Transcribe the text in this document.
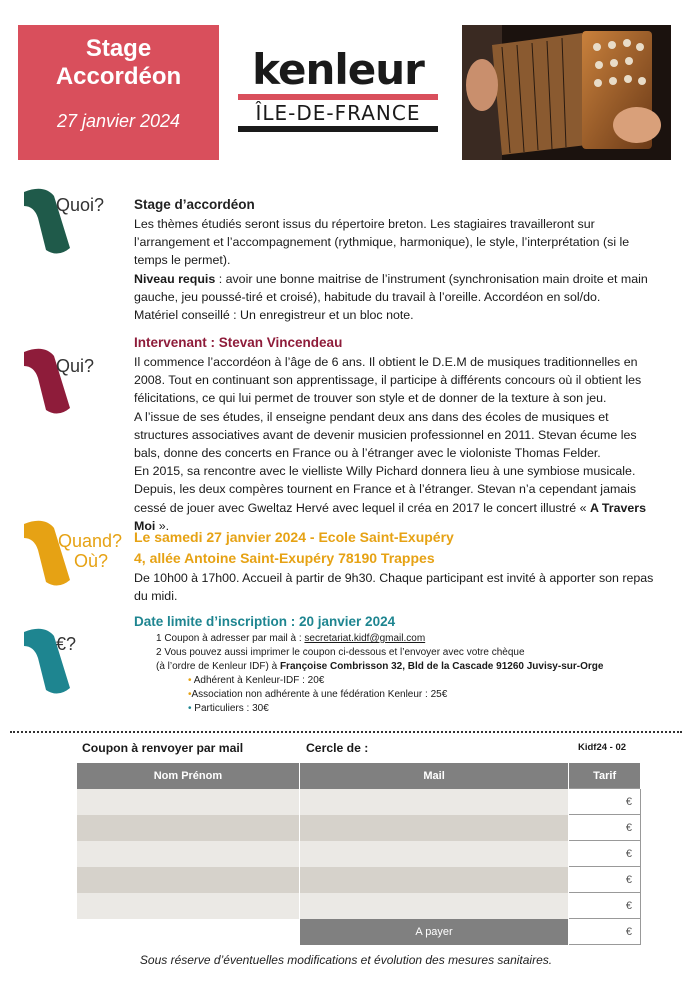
Stage
Accordéon
27 janvier 2024
kenleur
ÎLE-DE-FRANCE
Quoi? Stage d’accordéon

Les thèmes étudiés seront issus du répertoire breton. Les stagiaires travailleront sur l’arrangement et l’accompagnement (rythmique, harmonique), le style, l’interprétation (si le temps le permet).

Niveau requis : avoir une bonne maitrise de l’instrument (synchronisation main droite et main gauche, jeu poussé-tiré et croisé), habitude du travail à l’oreille. Accordéon en sol/do.

Matériel conseillé : Un enregistreur et un bloc note.

Qui?
Intervenant : Stevan Vincendeau

Il commence l’accordéon à l’âge de 6 ans. Il obtient le D.E.M de musiques traditionnelles en 2008. Tout en continuant son apprentissage, il participe à différents concours où il obtient les félicitations, ce qui lui permet de trouver son style et de donner de la texture à son jeu.

A l’issue de ses études, il enseigne pendant deux ans dans des écoles de musiques et structures associatives avant de devenir musicien professionnel en 2011. Stevan écume les bals, donne des concerts en France ou à l’étranger avec le violoniste Thomas Felder.

En 2015, sa rencontre avec le vielliste Willy Pichard donnera lieu à une symbiose musicale. Depuis, les deux compères tournent en France et à l’étranger. Stevan n’a cependant jamais cessé de jouer avec Gweltaz Hervé avec lequel il créa en 2017 le concert illustré « A Travers Moi ».

Quand?
Où?
Le samedi 27 janvier 2024 - Ecole Saint-Exupéry
4, allée Antoine Saint-Exupéry 78190 Trappes

De 10h00 à 17h00. Accueil à partir de 9h30. Chaque participant est invité à apporter son repas du midi.

€?
Date limite d’inscription : 20 janvier 2024
1 Coupon à adresser par mail à : secretariat.kidf@gmail.com
2 Vous pouvez aussi imprimer le coupon ci-dessous et l’envoyer avec votre chèque
(à l’ordre de Kenleur IDF) à Françoise Combrisson 32, Bld de la Cascade 91260 Juvisy-sur-Orge
• Adhérent à Kenleur-IDF : 20€
•Association non adhérente à une fédération Kenleur : 25€
• Particuliers : 30€
Coupon à renvoyer par mail	Cercle de :	Kidf24 - 02
Nom Prénom	Mail	Tarif
		€
		€
		€
		€
		€
	A payer	€
Sous réserve d’éventuelles modifications et évolution des mesures sanitaires.
